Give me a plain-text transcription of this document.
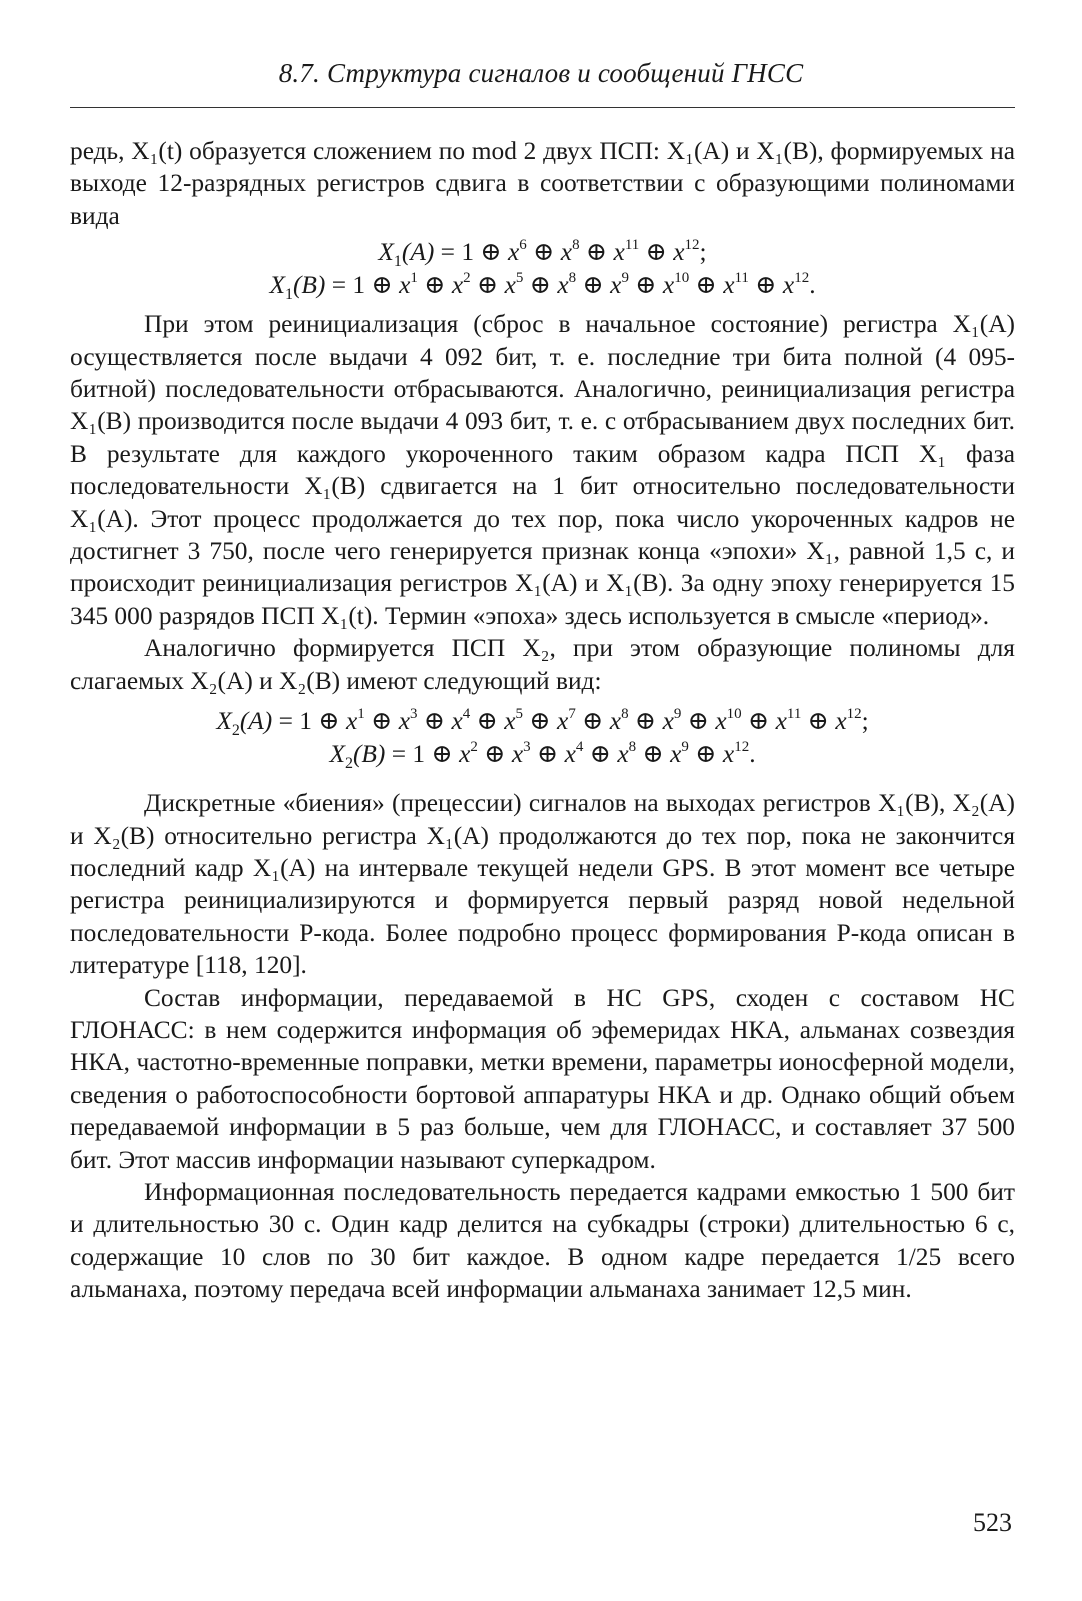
8.7. Структура сигналов и сообщений ГНСС

редь, X₁(t) образуется сложением по mod 2 двух ПСП: X₁(A) и X₁(B), формируемых на выходе 12-разрядных регистров сдвига в соответствии с образующими полиномами вида

$X_1(A) = 1$ ⊕ $x^6$ ⊕ $x^8$ ⊕ $x^{11}$ ⊕ $x^{12}$;
$X_1(B) = 1$ ⊕ $x^1$ ⊕ $x^2$ ⊕ $x^5$ ⊕ $x^8$ ⊕ $x^9$ ⊕ $x^{10}$ ⊕ $x^{11}$ ⊕ $x^{12}$.

При этом реинициализация (сброс в начальное состояние) регистра X₁(A) осуществляется после выдачи 4 092 бит, т. е. последние три бита полной (4 095-битной) последовательности отбрасываются. Аналогично, реинициализация регистра X₁(B) производится после выдачи 4 093 бит, т. е. с отбрасыванием двух последних бит. В результате для каждого укороченного таким образом кадра ПСП X₁ фаза последовательности X₁(B) сдвигается на 1 бит относительно последовательности X₁(A). Этот процесс продолжается до тех пор, пока число укороченных кадров не достигнет 3 750, после чего генерируется признак конца «эпохи» X₁, равной 1,5 с, и происходит реинициализация регистров X₁(A) и X₁(B). За одну эпоху генерируется 15 345 000 разрядов ПСП X₁(t). Термин «эпоха» здесь используется в смысле «период».

Аналогично формируется ПСП X₂, при этом образующие полиномы для слагаемых X₂(A) и X₂(B) имеют следующий вид:

$X_2(A) = 1$ ⊕ $x^1$ ⊕ $x^3$ ⊕ $x^4$ ⊕ $x^5$ ⊕ $x^7$ ⊕ $x^8$ ⊕ $x^9$ ⊕ $x^{10}$ ⊕ $x^{11}$ ⊕ $x^{12}$;
$X_2(B) = 1$ ⊕ $x^2$ ⊕ $x^3$ ⊕ $x^4$ ⊕ $x^8$ ⊕ $x^9$ ⊕ $x^{12}$.

Дискретные «биения» (прецессии) сигналов на выходах регистров X₁(B), X₂(A) и X₂(B) относительно регистра X₁(A) продолжаются до тех пор, пока не закончится последний кадр X₁(A) на интервале текущей недели GPS. В этот момент все четыре регистра реинициализируются и формируется первый разряд новой недельной последовательности P-кода. Более подробно процесс формирования P-кода описан в литературе [118, 120].

Состав информации, передаваемой в НС GPS, сходен с составом НС ГЛОНАСС: в нем содержится информация об эфемеридах НКА, альманах созвездия НКА, частотно-временные поправки, метки времени, параметры ионосферной модели, сведения о работоспособности бортовой аппаратуры НКА и др. Однако общий объем передаваемой информации в 5 раз больше, чем для ГЛОНАСС, и составляет 37 500 бит. Этот массив информации называют суперкадром.

Информационная последовательность передается кадрами емкостью 1 500 бит и длительностью 30 с. Один кадр делится на субкадры (строки) длительностью 6 с, содержащие 10 слов по 30 бит каждое. В одном кадре передается 1/25 всего альманаха, поэтому передача всей информации альманаха занимает 12,5 мин.

523
